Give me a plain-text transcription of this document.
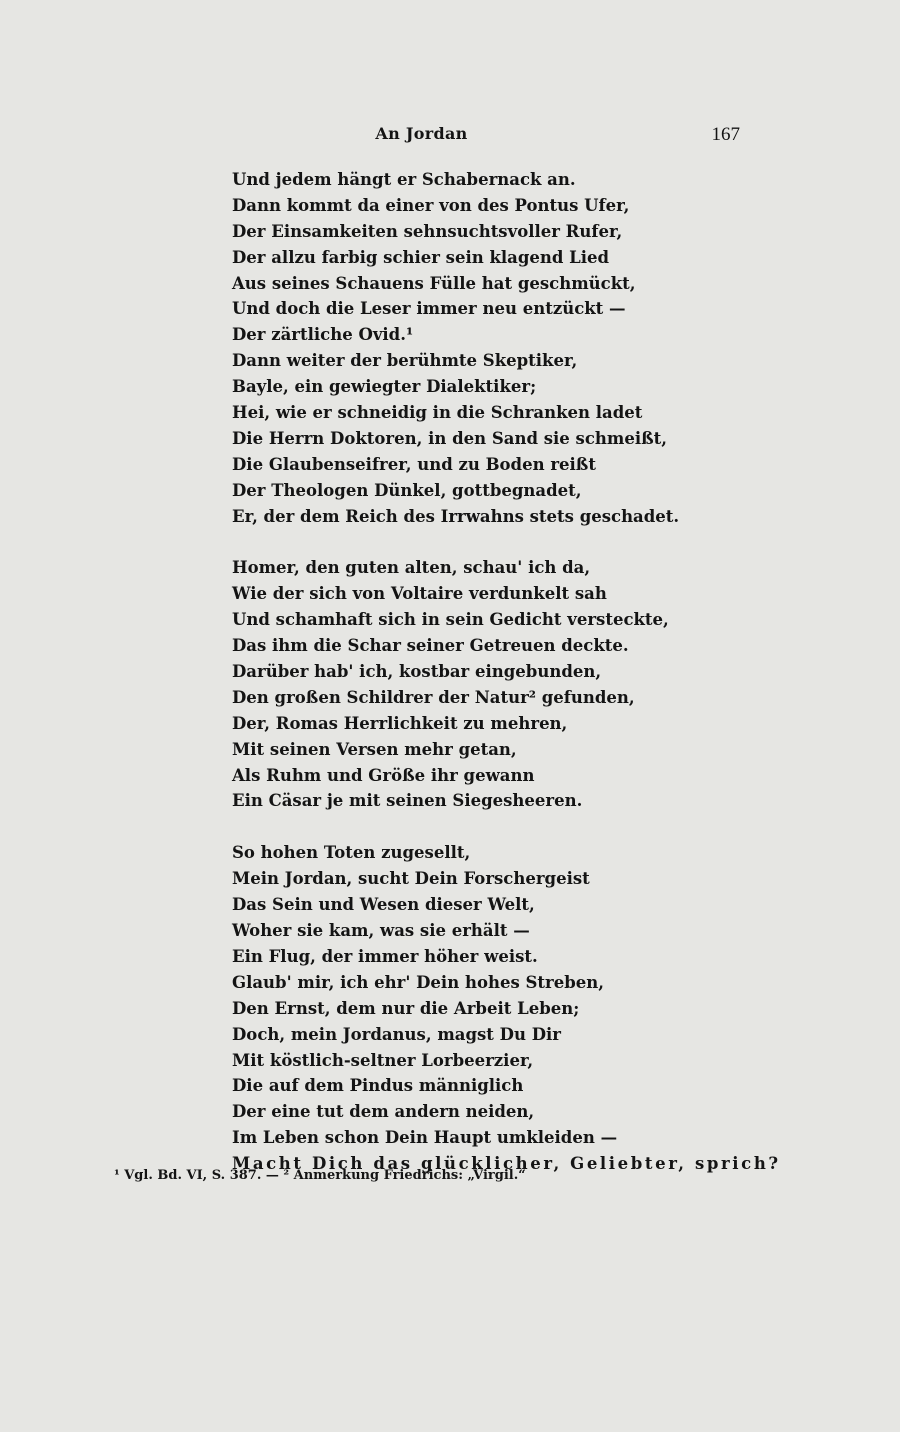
An Jordan	167
Und jedem hängt er Schabernack an.
Dann kommt da einer von des Pontus Ufer,
Der Einsamkeiten sehnsuchtsvoller Rufer,
Der allzu farbig schier sein klagend Lied
Aus seines Schauens Fülle hat geschmückt,
Und doch die Leser immer neu entzückt —
Der zärtliche Ovid.¹
Dann weiter der berühmte Skeptiker,
Bayle, ein gewiegter Dialektiker;
Hei, wie er schneidig in die Schranken ladet
Die Herrn Doktoren, in den Sand sie schmeißt,
Die Glaubenseifrer, und zu Boden reißt
Der Theologen Dünkel, gottbegnadet,
Er, der dem Reich des Irrwahns stets geschadet.
Homer, den guten alten, schau' ich da,
Wie der sich von Voltaire verdunkelt sah
Und schamhaft sich in sein Gedicht versteckte,
Das ihm die Schar seiner Getreuen deckte.
Darüber hab' ich, kostbar eingebunden,
Den großen Schildrer der Natur² gefunden,
Der, Romas Herrlichkeit zu mehren,
Mit seinen Versen mehr getan,
Als Ruhm und Größe ihr gewann
Ein Cäsar je mit seinen Siegesheeren.
So hohen Toten zugesellt,
Mein Jordan, sucht Dein Forschergeist
Das Sein und Wesen dieser Welt,
Woher sie kam, was sie erhält —
Ein Flug, der immer höher weist.
Glaub' mir, ich ehr' Dein hohes Streben,
Den Ernst, dem nur die Arbeit Leben;
Doch, mein Jordanus, magst Du Dir
Mit köstlich-seltner Lorbeerzier,
Die auf dem Pindus männiglich
Der eine tut dem andern neiden,
Im Leben schon Dein Haupt umkleiden —
Macht Dich das glücklicher, Geliebter, sprich?
¹ Vgl. Bd. VI, S. 387. — ² Anmerkung Friedrichs: „Virgil.“
